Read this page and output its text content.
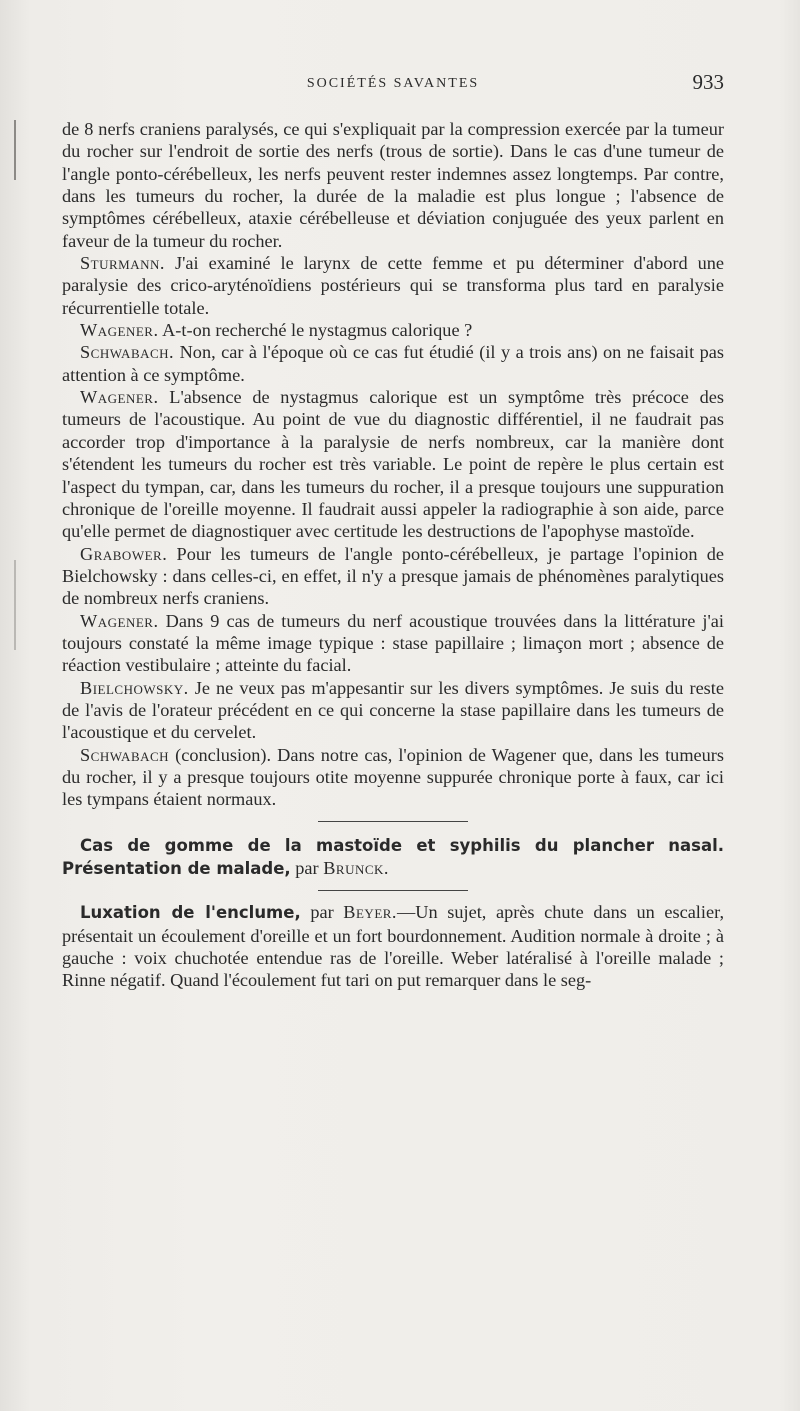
SOCIÉTÉS SAVANTES	933

de 8 nerfs craniens paralysés, ce qui s'expliquait par la compression exercée par la tumeur du rocher sur l'endroit de sortie des nerfs (trous de sortie). Dans le cas d'une tumeur de l'angle ponto-cérébelleux, les nerfs peuvent rester indemnes assez longtemps. Par contre, dans les tumeurs du rocher, la durée de la maladie est plus longue ; l'absence de symptômes cérébelleux, ataxie cérébelleuse et déviation conjuguée des yeux parlent en faveur de la tumeur du rocher.

Sturmann. J'ai examiné le larynx de cette femme et pu déterminer d'abord une paralysie des crico-aryténoïdiens postérieurs qui se transforma plus tard en paralysie récurrentielle totale.

Wagener. A-t-on recherché le nystagmus calorique ?

Schwabach. Non, car à l'époque où ce cas fut étudié (il y a trois ans) on ne faisait pas attention à ce symptôme.

Wagener. L'absence de nystagmus calorique est un symptôme très précoce des tumeurs de l'acoustique. Au point de vue du diagnostic différentiel, il ne faudrait pas accorder trop d'importance à la paralysie de nerfs nombreux, car la manière dont s'étendent les tumeurs du rocher est très variable. Le point de repère le plus certain est l'aspect du tympan, car, dans les tumeurs du rocher, il a presque toujours une suppuration chronique de l'oreille moyenne. Il faudrait aussi appeler la radiographie à son aide, parce qu'elle permet de diagnostiquer avec certitude les destructions de l'apophyse mastoïde.

Grabower. Pour les tumeurs de l'angle ponto-cérébelleux, je partage l'opinion de Bielchowsky : dans celles-ci, en effet, il n'y a presque jamais de phénomènes paralytiques de nombreux nerfs craniens.

Wagener. Dans 9 cas de tumeurs du nerf acoustique trouvées dans la littérature j'ai toujours constaté la même image typique : stase papillaire ; limaçon mort ; absence de réaction vestibulaire ; atteinte du facial.

Bielchowsky. Je ne veux pas m'appesantir sur les divers symptômes. Je suis du reste de l'avis de l'orateur précédent en ce qui concerne la stase papillaire dans les tumeurs de l'acoustique et du cervelet.

Schwabach (conclusion). Dans notre cas, l'opinion de Wagener que, dans les tumeurs du rocher, il y a presque toujours otite moyenne suppurée chronique porte à faux, car ici les tympans étaient normaux.

Cas de gomme de la mastoïde et syphilis du plancher nasal. Présentation de malade, par Brunck.

Luxation de l'enclume, par Beyer.—Un sujet, après chute dans un escalier, présentait un écoulement d'oreille et un fort bourdonnement. Audition normale à droite ; à gauche : voix chuchotée entendue ras de l'oreille. Weber latéralisé à l'oreille malade ; Rinne négatif. Quand l'écoulement fut tari on put remarquer dans le seg-
